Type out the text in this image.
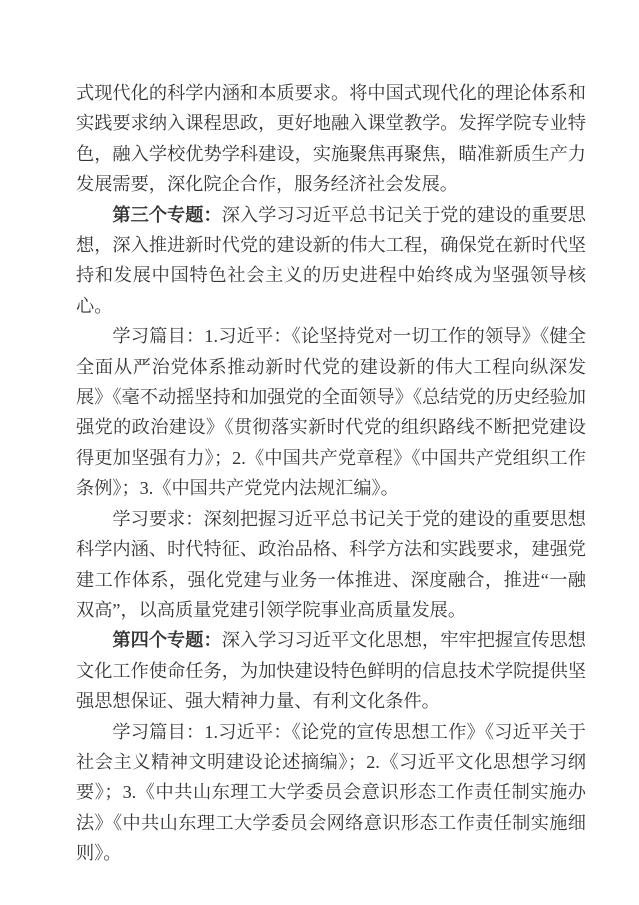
式现代化的科学内涵和本质要求。将中国式现代化的理论体系和实践要求纳入课程思政，更好地融入课堂教学。发挥学院专业特色，融入学校优势学科建设，实施聚焦再聚焦，瞄准新质生产力发展需要，深化院企合作，服务经济社会发展。

第三个专题：深入学习习近平总书记关于党的建设的重要思想，深入推进新时代党的建设新的伟大工程，确保党在新时代坚持和发展中国特色社会主义的历史进程中始终成为坚强领导核心。

学习篇目：1.习近平：《论坚持党对一切工作的领导》《健全全面从严治党体系推动新时代党的建设新的伟大工程向纵深发展》《毫不动摇坚持和加强党的全面领导》《总结党的历史经验加强党的政治建设》《贯彻落实新时代党的组织路线不断把党建设得更加坚强有力》；2.《中国共产党章程》《中国共产党组织工作条例》；3.《中国共产党党内法规汇编》。

学习要求：深刻把握习近平总书记关于党的建设的重要思想科学内涵、时代特征、政治品格、科学方法和实践要求，建强党建工作体系，强化党建与业务一体推进、深度融合，推进“一融双高”，以高质量党建引领学院事业高质量发展。

第四个专题：深入学习习近平文化思想，牢牢把握宣传思想文化工作使命任务，为加快建设特色鲜明的信息技术学院提供坚强思想保证、强大精神力量、有利文化条件。

学习篇目：1.习近平：《论党的宣传思想工作》《习近平关于社会主义精神文明建设论述摘编》；2.《习近平文化思想学习纲要》；3.《中共山东理工大学委员会意识形态工作责任制实施办法》《中共山东理工大学委员会网络意识形态工作责任制实施细则》。
